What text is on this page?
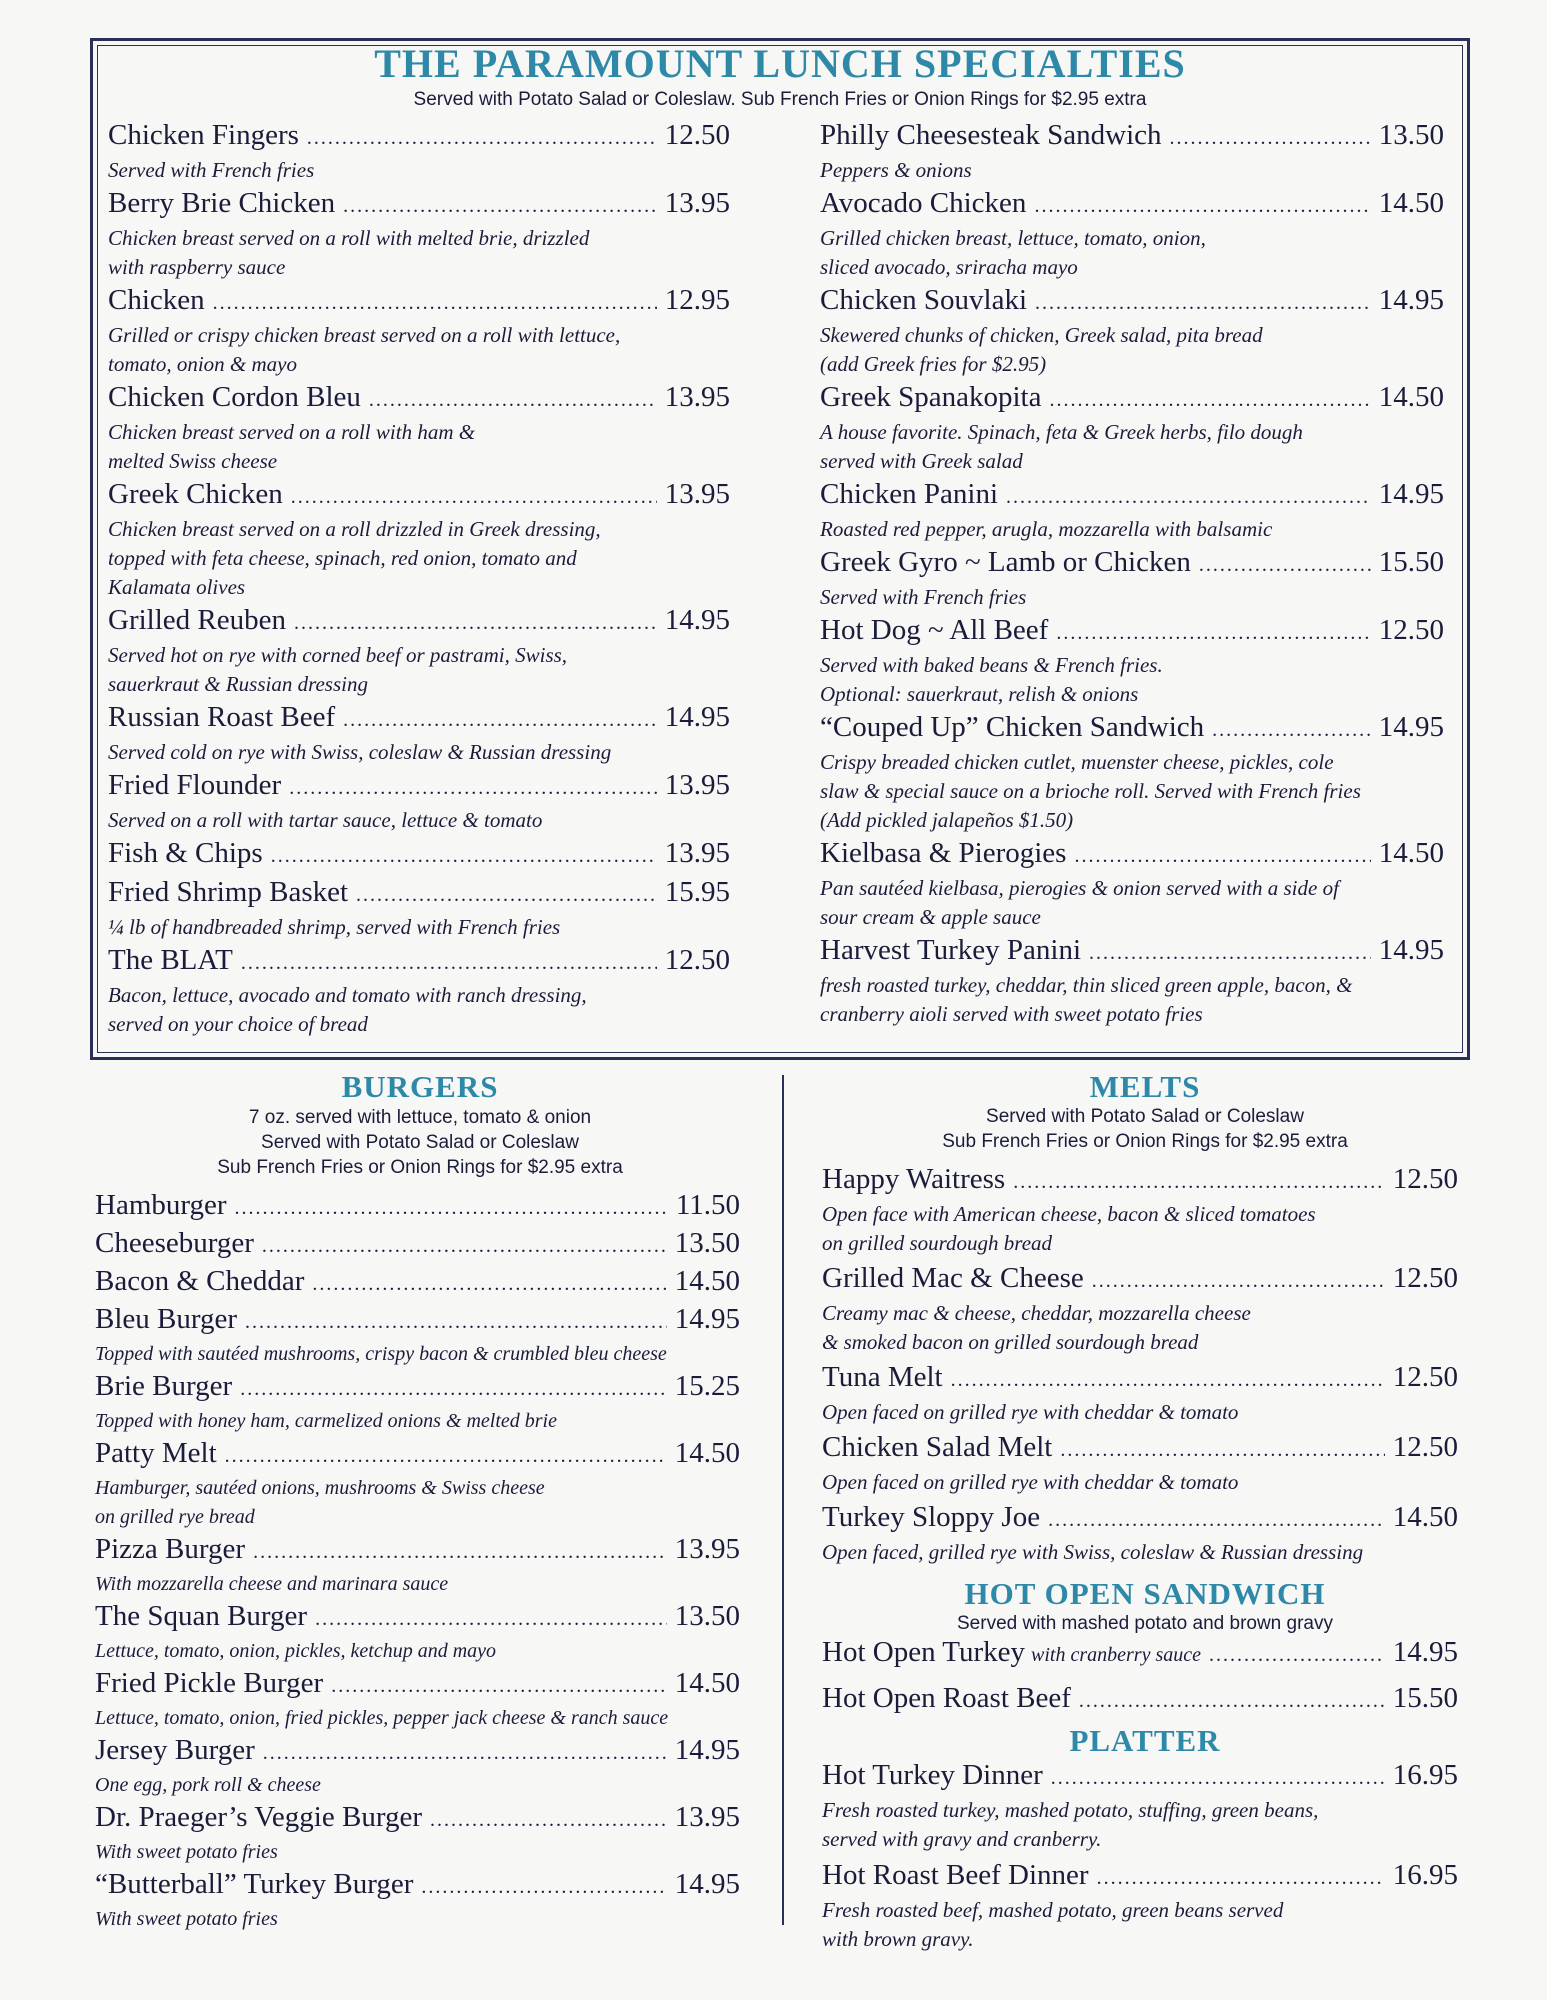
THE PARAMOUNT LUNCH SPECIALTIES
Served with Potato Salad or Coleslaw. Sub French Fries or Onion Rings for $2.95 extra
Chicken Fingers .....	12.50
Served with French fries
Berry Brie Chicken .....	13.95
Chicken breast served on a roll with melted brie, drizzled
with raspberry sauce
Chicken .....	12.95
Grilled or crispy chicken breast served on a roll with lettuce,
tomato, onion & mayo
Chicken Cordon Bleu .....	13.95
Chicken breast served on a roll with ham &
melted Swiss cheese
Greek Chicken .....	13.95
Chicken breast served on a roll drizzled in Greek dressing,
topped with feta cheese, spinach, red onion, tomato and
Kalamata olives
Grilled Reuben .....	14.95
Served hot on rye with corned beef or pastrami, Swiss,
sauerkraut & Russian dressing
Russian Roast Beef .....	14.95
Served cold on rye with Swiss, coleslaw & Russian dressing
Fried Flounder .....	13.95
Served on a roll with tartar sauce, lettuce & tomato
Fish & Chips .....	13.95
Fried Shrimp Basket .....	15.95
¼ lb of handbreaded shrimp, served with French fries
The BLAT .....	12.50
Bacon, lettuce, avocado and tomato with ranch dressing,
served on your choice of bread
Philly Cheesesteak Sandwich .....	13.50
Peppers & onions
Avocado Chicken .....	14.50
Grilled chicken breast, lettuce, tomato, onion,
sliced avocado, sriracha mayo
Chicken Souvlaki .....	14.95
Skewered chunks of chicken, Greek salad, pita bread
(add Greek fries for $2.95)
Greek Spanakopita .....	14.50
A house favorite. Spinach, feta & Greek herbs, filo dough
served with Greek salad
Chicken Panini .....	14.95
Roasted red pepper, arugla, mozzarella with balsamic
Greek Gyro ~ Lamb or Chicken .....	15.50
Served with French fries
Hot Dog ~ All Beef .....	12.50
Served with baked beans & French fries.
Optional: sauerkraut, relish & onions
“Couped Up” Chicken Sandwich .....	14.95
Crispy breaded chicken cutlet, muenster cheese, pickles, cole
slaw & special sauce on a brioche roll. Served with French fries
(Add pickled jalapeños $1.50)
Kielbasa & Pierogies .....	14.50
Pan sautéed kielbasa, pierogies & onion served with a side of
sour cream & apple sauce
Harvest Turkey Panini .....	14.95
fresh roasted turkey, cheddar, thin sliced green apple, bacon, &
cranberry aioli served with sweet potato fries
BURGERS
7 oz. served with lettuce, tomato & onion
Served with Potato Salad or Coleslaw
Sub French Fries or Onion Rings for $2.95 extra
Hamburger .....	11.50
Cheeseburger .....	13.50
Bacon & Cheddar .....	14.50
Bleu Burger .....	14.95
Topped with sautéed mushrooms, crispy bacon & crumbled bleu cheese
Brie Burger .....	15.25
Topped with honey ham, carmelized onions & melted brie
Patty Melt .....	14.50
Hamburger, sautéed onions, mushrooms & Swiss cheese
on grilled rye bread
Pizza Burger .....	13.95
With mozzarella cheese and marinara sauce
The Squan Burger .....	13.50
Lettuce, tomato, onion, pickles, ketchup and mayo
Fried Pickle Burger .....	14.50
Lettuce, tomato, onion, fried pickles, pepper jack cheese & ranch sauce
Jersey Burger .....	14.95
One egg, pork roll & cheese
Dr. Praeger’s Veggie Burger .....	13.95
With sweet potato fries
“Butterball” Turkey Burger .....	14.95
With sweet potato fries
MELTS
Served with Potato Salad or Coleslaw
Sub French Fries or Onion Rings for $2.95 extra
Happy Waitress .....	12.50
Open face with American cheese, bacon & sliced tomatoes
on grilled sourdough bread
Grilled Mac & Cheese .....	12.50
Creamy mac & cheese, cheddar, mozzarella cheese
& smoked bacon on grilled sourdough bread
Tuna Melt .....	12.50
Open faced on grilled rye with cheddar & tomato
Chicken Salad Melt .....	12.50
Open faced on grilled rye with cheddar & tomato
Turkey Sloppy Joe .....	14.50
Open faced, grilled rye with Swiss, coleslaw & Russian dressing
HOT OPEN SANDWICH
Served with mashed potato and brown gravy
Hot Open Turkey with cranberry sauce .....	14.95
Hot Open Roast Beef .....	15.50
PLATTER
Hot Turkey Dinner .....	16.95
Fresh roasted turkey, mashed potato, stuffing, green beans,
served with gravy and cranberry.
Hot Roast Beef Dinner .....	16.95
Fresh roasted beef, mashed potato, green beans served
with brown gravy.
